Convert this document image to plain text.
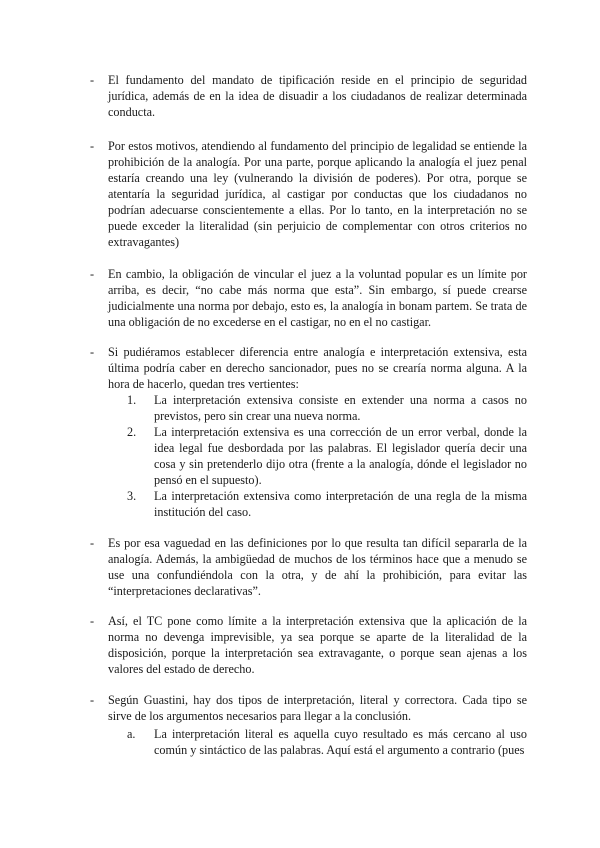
-	El fundamento del mandato de tipificación reside en el principio de seguridad jurídica, además de en la idea de disuadir a los ciudadanos de realizar determinada conducta.
-	Por estos motivos, atendiendo al fundamento del principio de legalidad se entiende la prohibición de la analogía. Por una parte, porque aplicando la analogía el juez penal estaría creando una ley (vulnerando la división de poderes). Por otra, porque se atentaría la seguridad jurídica, al castigar por conductas que los ciudadanos no podrían adecuarse conscientemente a ellas. Por lo tanto, en la interpretación no se puede exceder la literalidad (sin perjuicio de complementar con otros criterios no extravagantes)
-	En cambio, la obligación de vincular el juez a la voluntad popular es un límite por arriba, es decir, “no cabe más norma que esta”. Sin embargo, sí puede crearse judicialmente una norma por debajo, esto es, la analogía in bonam partem. Se trata de una obligación de no excederse en el castigar, no en el no castigar.
-	Si pudiéramos establecer diferencia entre analogía e interpretación extensiva, esta última podría caber en derecho sancionador, pues no se crearía norma alguna. A la hora de hacerlo, quedan tres vertientes:
1.	La interpretación extensiva consiste en extender una norma a casos no previstos, pero sin crear una nueva norma.
2.	La interpretación extensiva es una corrección de un error verbal, donde la idea legal fue desbordada por las palabras. El legislador quería decir una cosa y sin pretenderlo dijo otra (frente a la analogía, dónde el legislador no pensó en el supuesto).
3.	La interpretación extensiva como interpretación de una regla de la misma institución del caso.
-	Es por esa vaguedad en las definiciones por lo que resulta tan difícil separarla de la analogía. Además, la ambigüedad de muchos de los términos hace que a menudo se use una confundiéndola con la otra, y de ahí la prohibición, para evitar las “interpretaciones declarativas”.
-	Así, el TC pone como límite a la interpretación extensiva que la aplicación de la norma no devenga imprevisible, ya sea porque se aparte de la literalidad de la disposición, porque la interpretación sea extravagante, o porque sean ajenas a los valores del estado de derecho.
-	Según Guastini, hay dos tipos de interpretación, literal y correctora. Cada tipo se sirve de los argumentos necesarios para llegar a la conclusión.
a.	La interpretación literal es aquella cuyo resultado es más cercano al uso común y sintáctico de las palabras. Aquí está el argumento a contrario (pues
